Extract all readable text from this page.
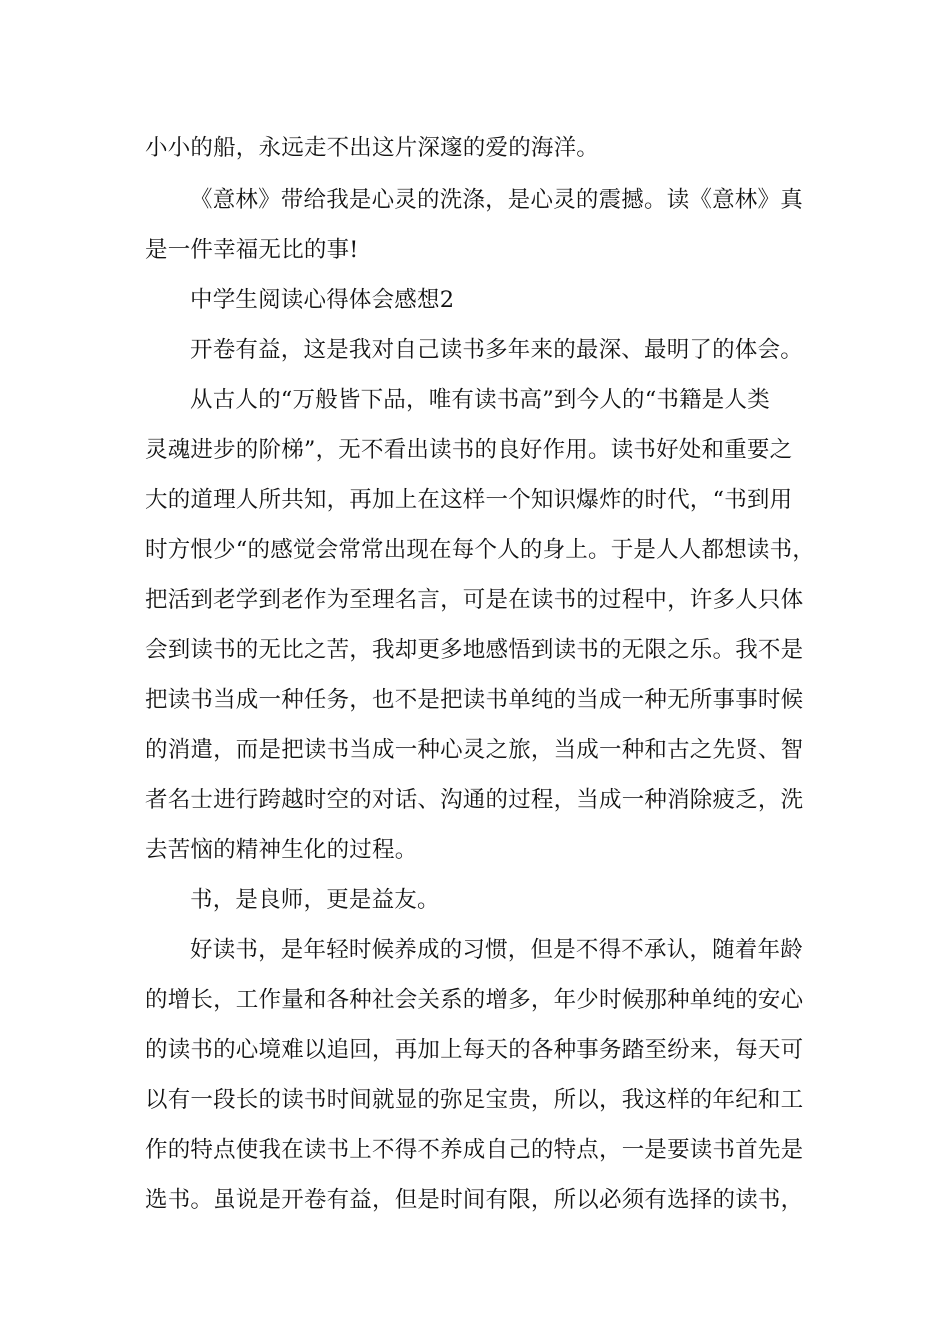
小小的船，永远走不出这片深邃的爱的海洋。
《意林》带给我是心灵的洗涤，是心灵的震撼。读《意林》真
是一件幸福无比的事!
中学生阅读心得体会感想2
开卷有益，这是我对自己读书多年来的最深、最明了的体会。
从古人的“万般皆下品，唯有读书高”到今人的“书籍是人类
灵魂进步的阶梯”，无不看出读书的良好作用。读书好处和重要之
大的道理人所共知，再加上在这样一个知识爆炸的时代，“书到用
时方恨少“的感觉会常常出现在每个人的身上。于是人人都想读书，
把活到老学到老作为至理名言，可是在读书的过程中，许多人只体
会到读书的无比之苦，我却更多地感悟到读书的无限之乐。我不是
把读书当成一种任务，也不是把读书单纯的当成一种无所事事时候
的消遣，而是把读书当成一种心灵之旅，当成一种和古之先贤、智
者名士进行跨越时空的对话、沟通的过程，当成一种消除疲乏，洗
去苦恼的精神生化的过程。
书，是良师，更是益友。
好读书，是年轻时候养成的习惯，但是不得不承认，随着年龄
的增长，工作量和各种社会关系的增多，年少时候那种单纯的安心
的读书的心境难以追回，再加上每天的各种事务踏至纷来，每天可
以有一段长的读书时间就显的弥足宝贵，所以，我这样的年纪和工
作的特点使我在读书上不得不养成自己的特点，一是要读书首先是
选书。虽说是开卷有益，但是时间有限，所以必须有选择的读书，
